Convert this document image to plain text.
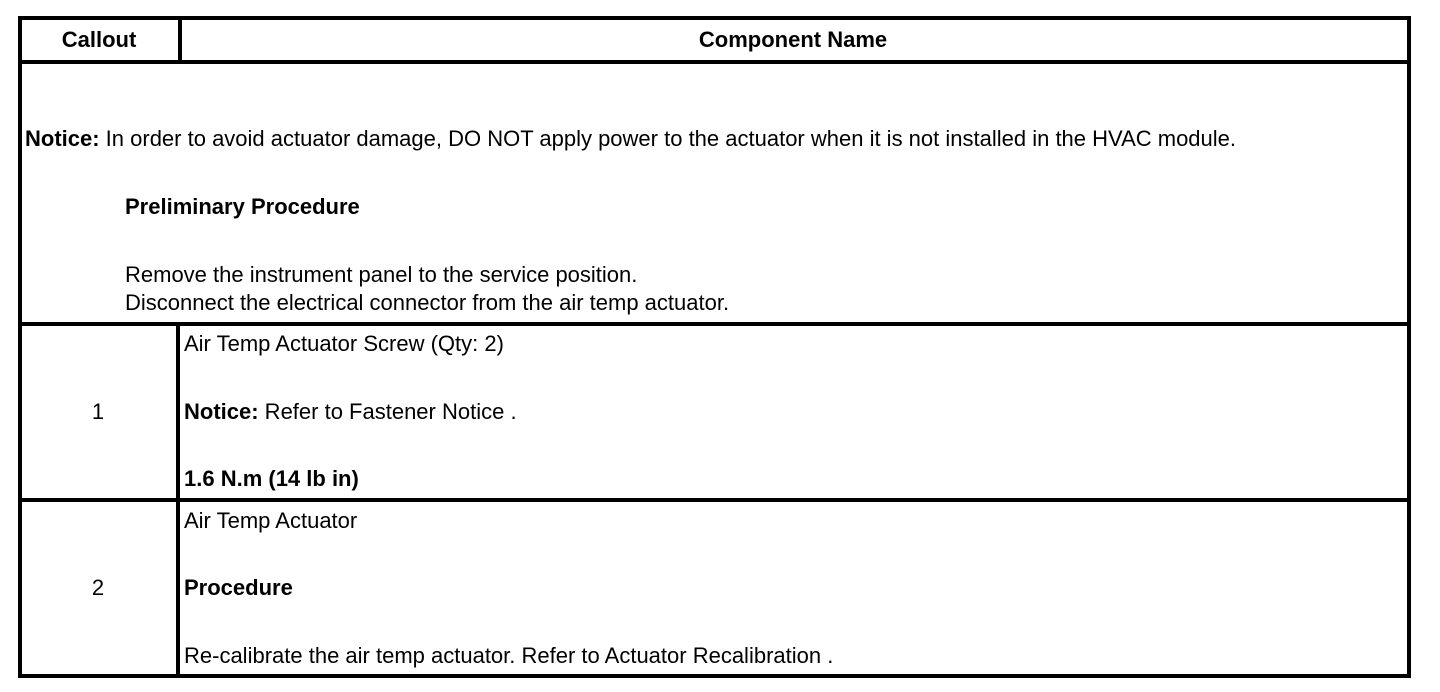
Callout	Component Name
Notice: In order to avoid actuator damage, DO NOT apply power to the actuator when it is not installed in the HVAC module.
Preliminary Procedure
Remove the instrument panel to the service position.
Disconnect the electrical connector from the air temp actuator.
1
Air Temp Actuator Screw (Qty: 2)
Notice: Refer to Fastener Notice .
1.6 N.m (14 lb in)
2
Air Temp Actuator
Procedure
Re-calibrate the air temp actuator. Refer to Actuator Recalibration .
